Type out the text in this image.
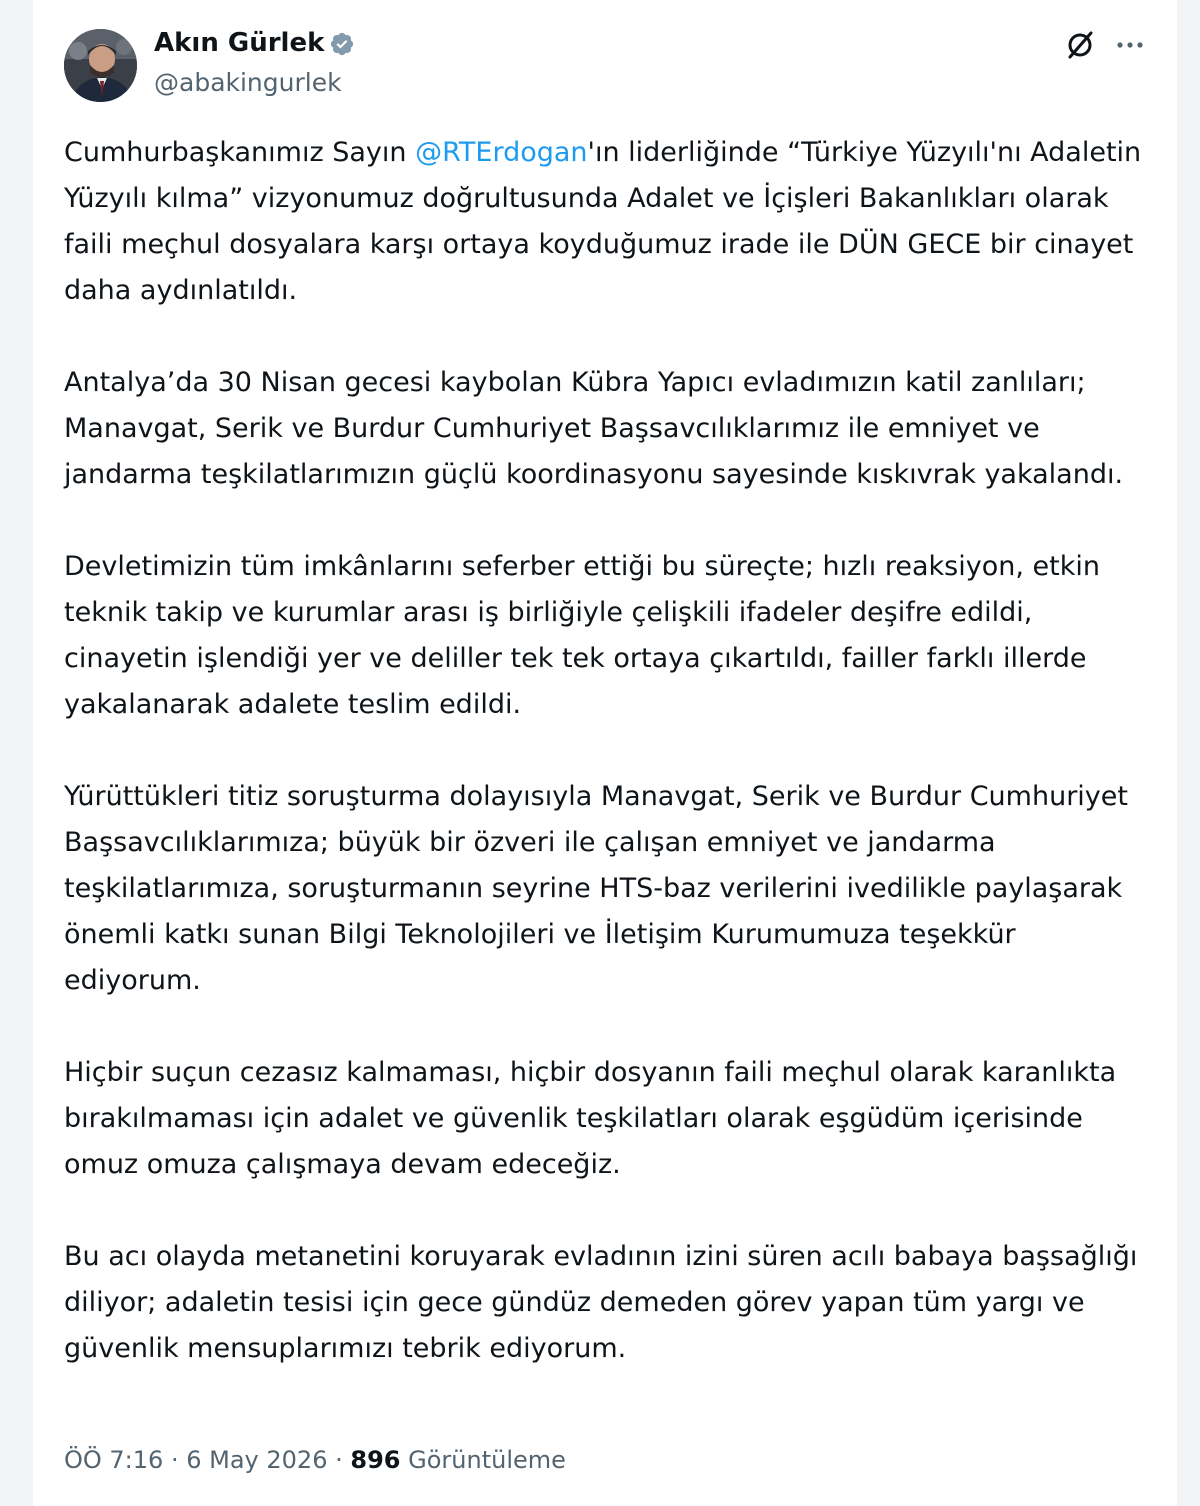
Akın Gürlek
@abakingurlek

Cumhurbaşkanımız Sayın @RTErdogan'ın liderliğinde “Türkiye Yüzyılı'nı Adaletin Yüzyılı kılma” vizyonumuz doğrultusunda Adalet ve İçişleri Bakanlıkları olarak faili meçhul dosyalara karşı ortaya koyduğumuz irade ile DÜN GECE bir cinayet daha aydınlatıldı.

Antalya’da 30 Nisan gecesi kaybolan Kübra Yapıcı evladımızın katil zanlıları; Manavgat, Serik ve Burdur Cumhuriyet Başsavcılıklarımız ile emniyet ve jandarma teşkilatlarımızın güçlü koordinasyonu sayesinde kıskıvrak yakalandı.

Devletimizin tüm imkânlarını seferber ettiği bu süreçte; hızlı reaksiyon, etkin teknik takip ve kurumlar arası iş birliğiyle çelişkili ifadeler deşifre edildi, cinayetin işlendiği yer ve deliller tek tek ortaya çıkartıldı, failler farklı illerde yakalanarak adalete teslim edildi.

Yürüttükleri titiz soruşturma dolayısıyla Manavgat, Serik ve Burdur Cumhuriyet Başsavcılıklarımıza; büyük bir özveri ile çalışan emniyet ve jandarma teşkilatlarımıza, soruşturmanın seyrine HTS-baz verilerini ivedilikle paylaşarak önemli katkı sunan Bilgi Teknolojileri ve İletişim Kurumumuza teşekkür ediyorum.

Hiçbir suçun cezasız kalmaması, hiçbir dosyanın faili meçhul olarak karanlıkta bırakılmaması için adalet ve güvenlik teşkilatları olarak eşgüdüm içerisinde omuz omuza çalışmaya devam edeceğiz.

Bu acı olayda metanetini koruyarak evladının izini süren acılı babaya başsağlığı diliyor; adaletin tesisi için gece gündüz demeden görev yapan tüm yargı ve güvenlik mensuplarımızı tebrik ediyorum.

ÖÖ 7:16 · 6 May 2026 · 896 Görüntüleme
